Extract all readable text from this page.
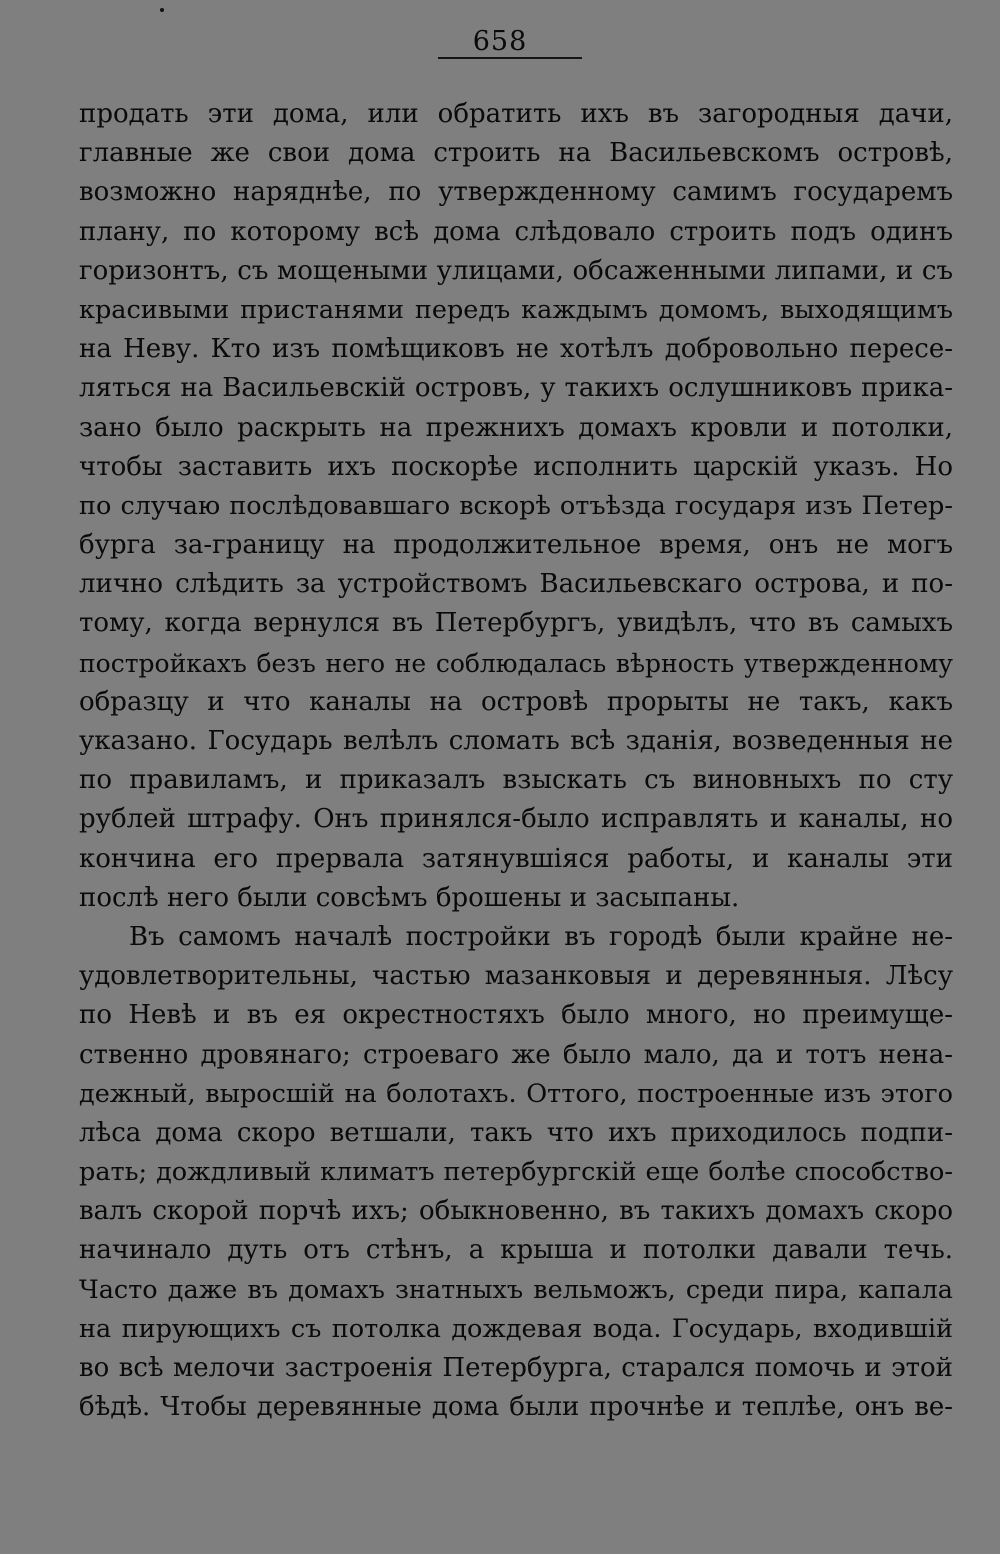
658
продать эти дома, или обратить ихъ въ загородныя дачи,
главные же свои дома строить на Васильевскомъ островѣ,
возможно наряднѣе, по утвержденному самимъ государемъ
плану, по которому всѣ дома слѣдовало строить подъ одинъ
горизонтъ, съ мощеными улицами, обсаженными липами, и съ
красивыми пристанями передъ каждымъ домомъ, выходящимъ
на Неву. Кто изъ помѣщиковъ не хотѣлъ добровольно пересе-
ляться на Васильевскій островъ, у такихъ ослушниковъ прика-
зано было раскрыть на прежнихъ домахъ кровли и потолки,
чтобы заставить ихъ поскорѣе исполнить царскій указъ. Но
по случаю послѣдовавшаго вскорѣ отъѣзда государя изъ Петер-
бурга за-границу на продолжительное время, онъ не могъ
лично слѣдить за устройствомъ Васильевскаго острова, и по-
тому, когда вернулся въ Петербургъ, увидѣлъ, что въ самыхъ
постройкахъ безъ него не соблюдалась вѣрность утвержденному
образцу и что каналы на островѣ прорыты не такъ, какъ
указано. Государь велѣлъ сломать всѣ зданія, возведенныя не
по правиламъ, и приказалъ взыскать съ виновныхъ по сту
рублей штрафу. Онъ принялся-было исправлять и каналы, но
кончина его прервала затянувшіяся работы, и каналы эти
послѣ него были совсѣмъ брошены и засыпаны.
Въ самомъ началѣ постройки въ городѣ были крайне не-
удовлетворительны, частью мазанковыя и деревянныя. Лѣсу
по Невѣ и въ ея окрестностяхъ было много, но преимуще-
ственно дровянаго; строеваго же было мало, да и тотъ нена-
дежный, выросшій на болотахъ. Оттого, построенные изъ этого
лѣса дома скоро ветшали, такъ что ихъ приходилось подпи-
рать; дождливый климатъ петербургскій еще болѣе способство-
валъ скорой порчѣ ихъ; обыкновенно, въ такихъ домахъ скоро
начинало дуть отъ стѣнъ, а крыша и потолки давали течь.
Часто даже въ домахъ знатныхъ вельможъ, среди пира, капала
на пирующихъ съ потолка дождевая вода. Государь, входившій
во всѣ мелочи застроенія Петербурга, старался помочь и этой
бѣдѣ. Чтобы деревянные дома были прочнѣе и теплѣе, онъ ве-
